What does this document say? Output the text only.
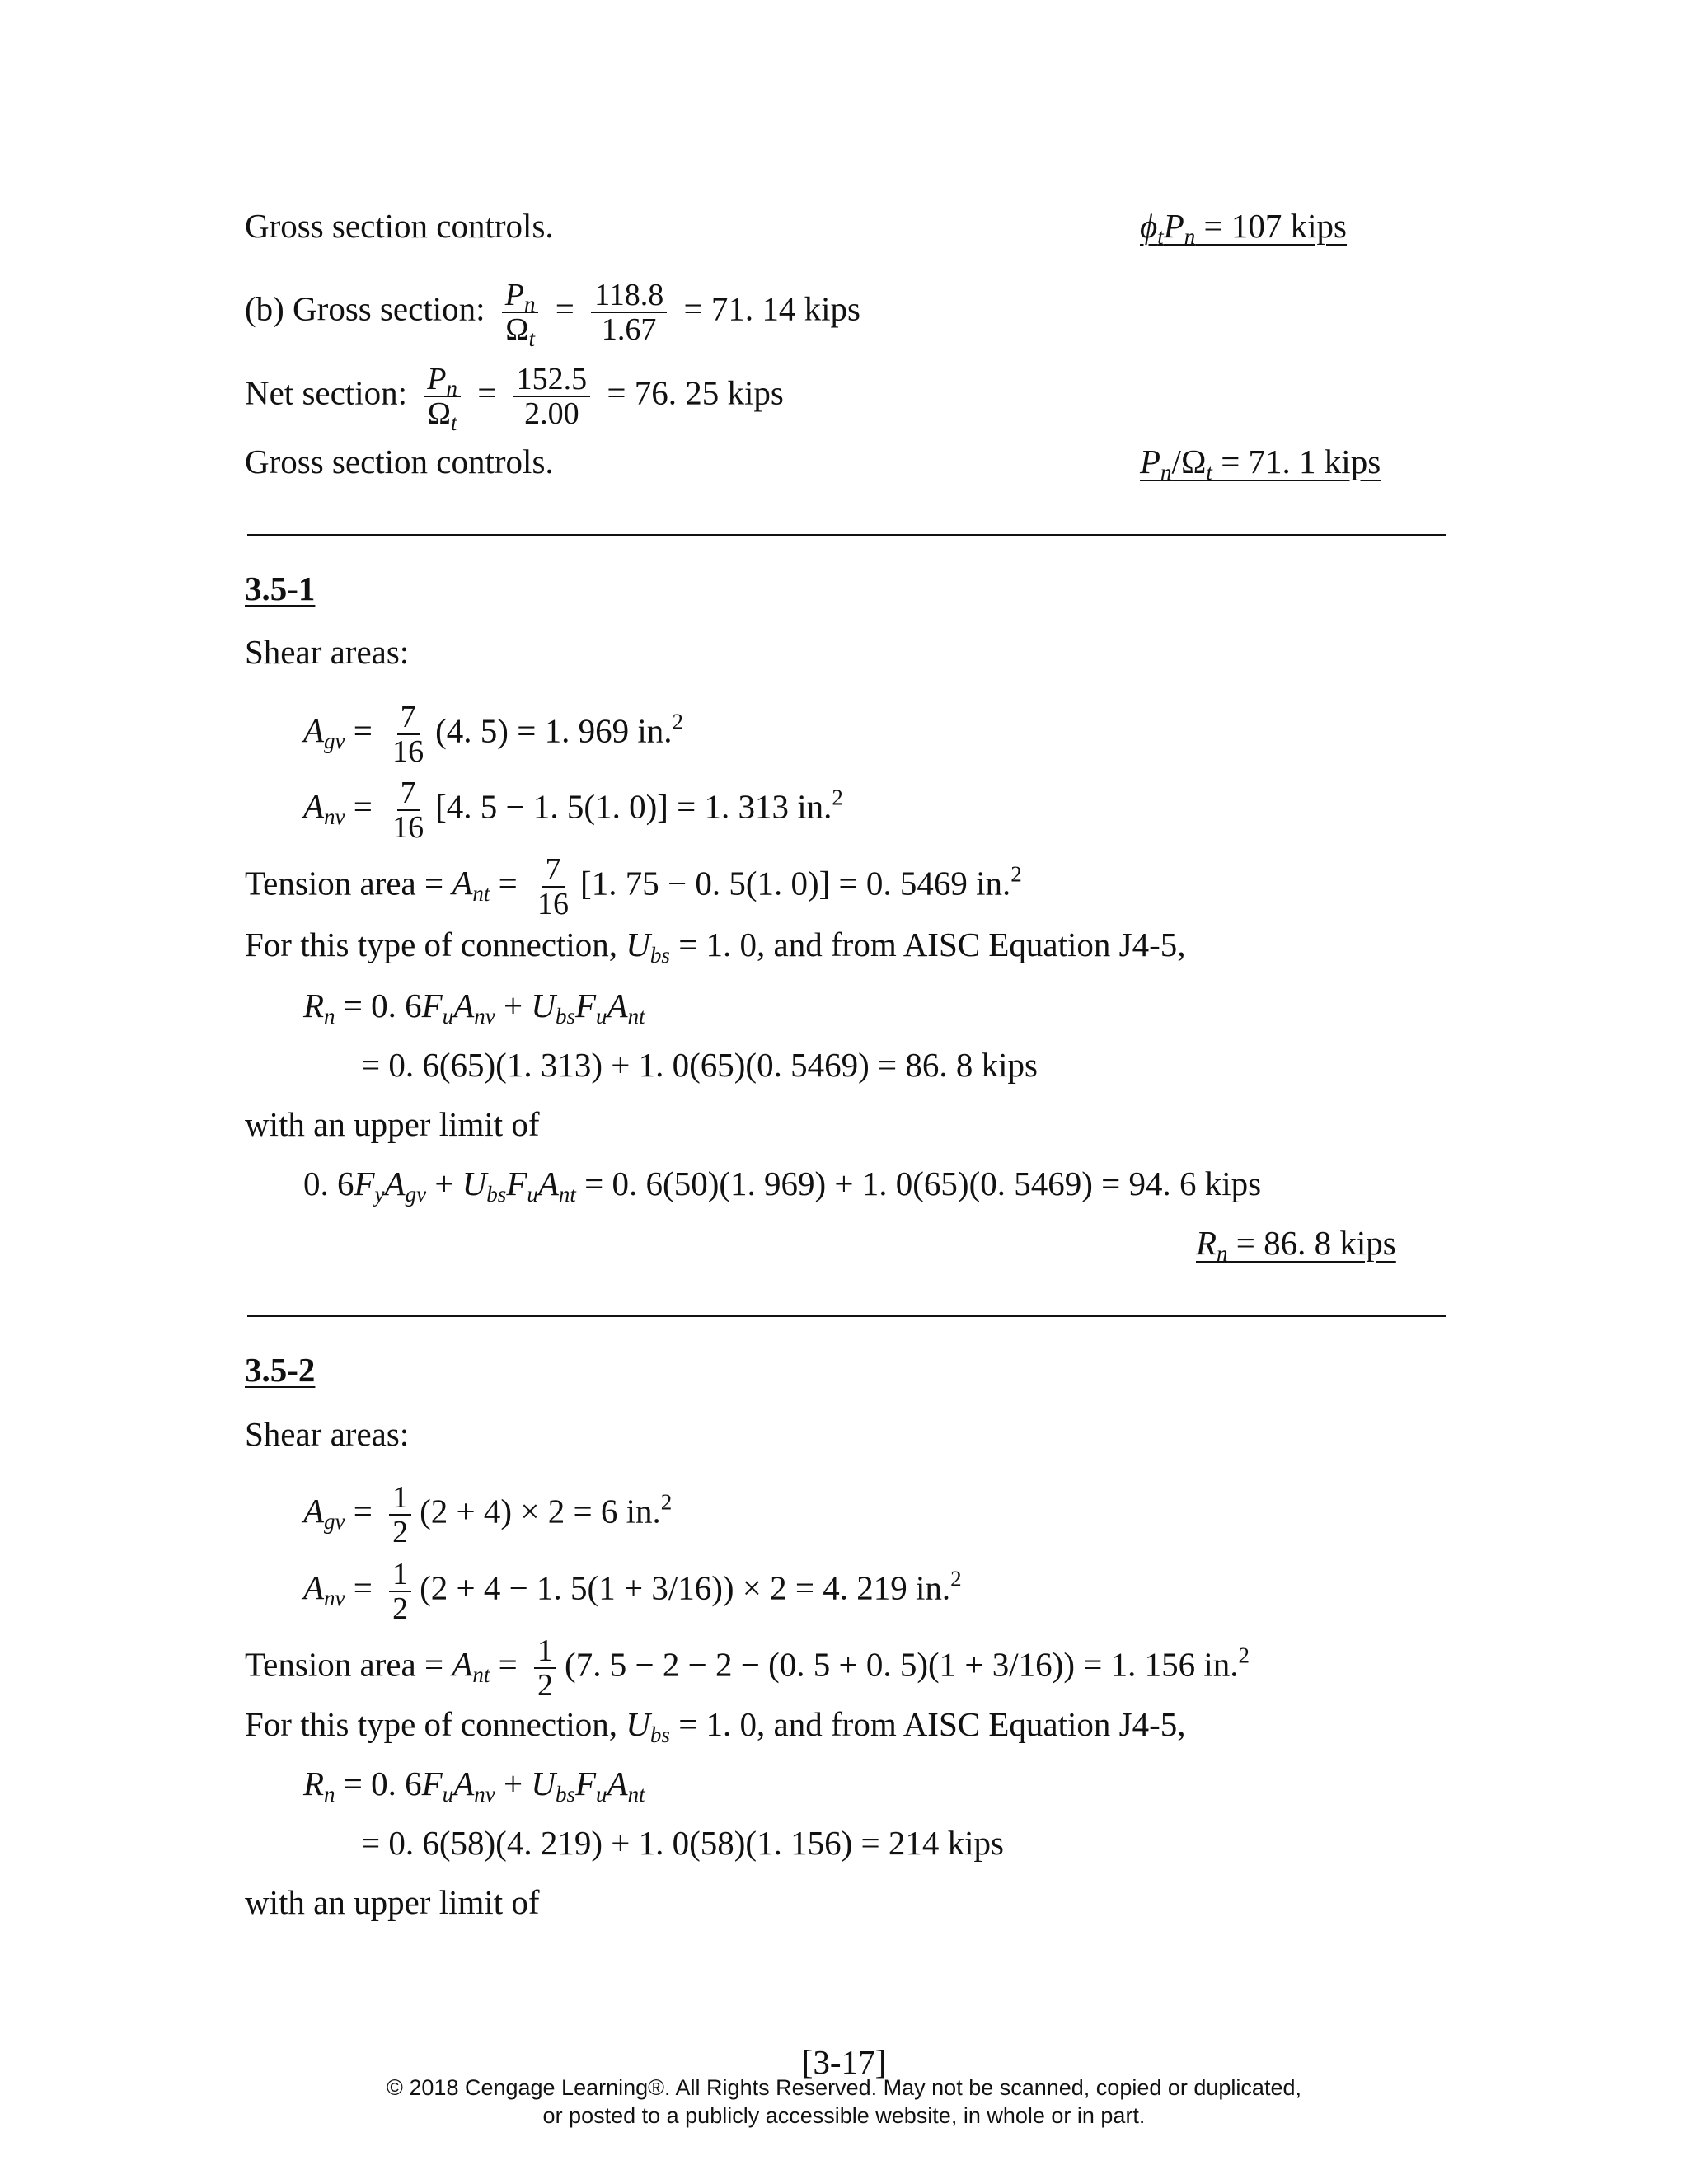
Gross section controls.	$\phi_tP_n = 107$ kips
(b) Gross section: $\frac{P_n}{\Omega_t} = \frac{118.8}{1.67} = 71$. 14 kips
Net section: $\frac{P_n}{\Omega_t} = \frac{152.5}{2.00} = 76$. 25 kips
Gross section controls.	$P_n/\Omega_t = 71$. 1 kips
3.5-1
Shear areas:
$A_{gv} = \frac{7}{16} (4$. 5) = 1. 969 in.$^2$
$A_{nv} = \frac{7}{16} [4$. 5 − 1. 5(1. 0)] = 1. 313 in.$^2$
Tension area = $A_{nt} = \frac{7}{16} [1$. 75 − 0. 5(1. 0)] = 0. 5469 in.$^2$
For this type of connection, $U_{bs} = 1$. 0, and from AISC Equation J4-5,
$R_n = 0$. $6F_uA_{nv} + U_{bs}F_uA_{nt}$
= 0. 6(65)(1. 313) + 1. 0(65)(0. 5469) = 86. 8 kips
with an upper limit of
0. $6F_yA_{gv} + U_{bs}F_uA_{nt} = 0$. 6(50)(1. 969) + 1. 0(65)(0. 5469) = 94. 6 kips
$R_n = 86$. 8 kips
3.5-2
Shear areas:
$A_{gv} = \frac{1}{2} (2 + 4) \times 2 = 6$ in.$^2$
$A_{nv} = \frac{1}{2} (2 + 4 - 1$. 5(1 + 3/16)) × 2 = 4. 219 in.$^2$
Tension area = $A_{nt} = \frac{1}{2} (7$. 5 − 2 − 2 − (0. 5 + 0. 5)(1 + 3/16)) = 1. 156 in.$^2$
For this type of connection, $U_{bs} = 1$. 0, and from AISC Equation J4-5,
$R_n = 0$. $6F_uA_{nv} + U_{bs}F_uA_{nt}$
= 0. 6(58)(4. 219) + 1. 0(58)(1. 156) = 214 kips
with an upper limit of
[3-17]
© 2018 Cengage Learning®. All Rights Reserved. May not be scanned, copied or duplicated,
or posted to a publicly accessible website, in whole or in part.
